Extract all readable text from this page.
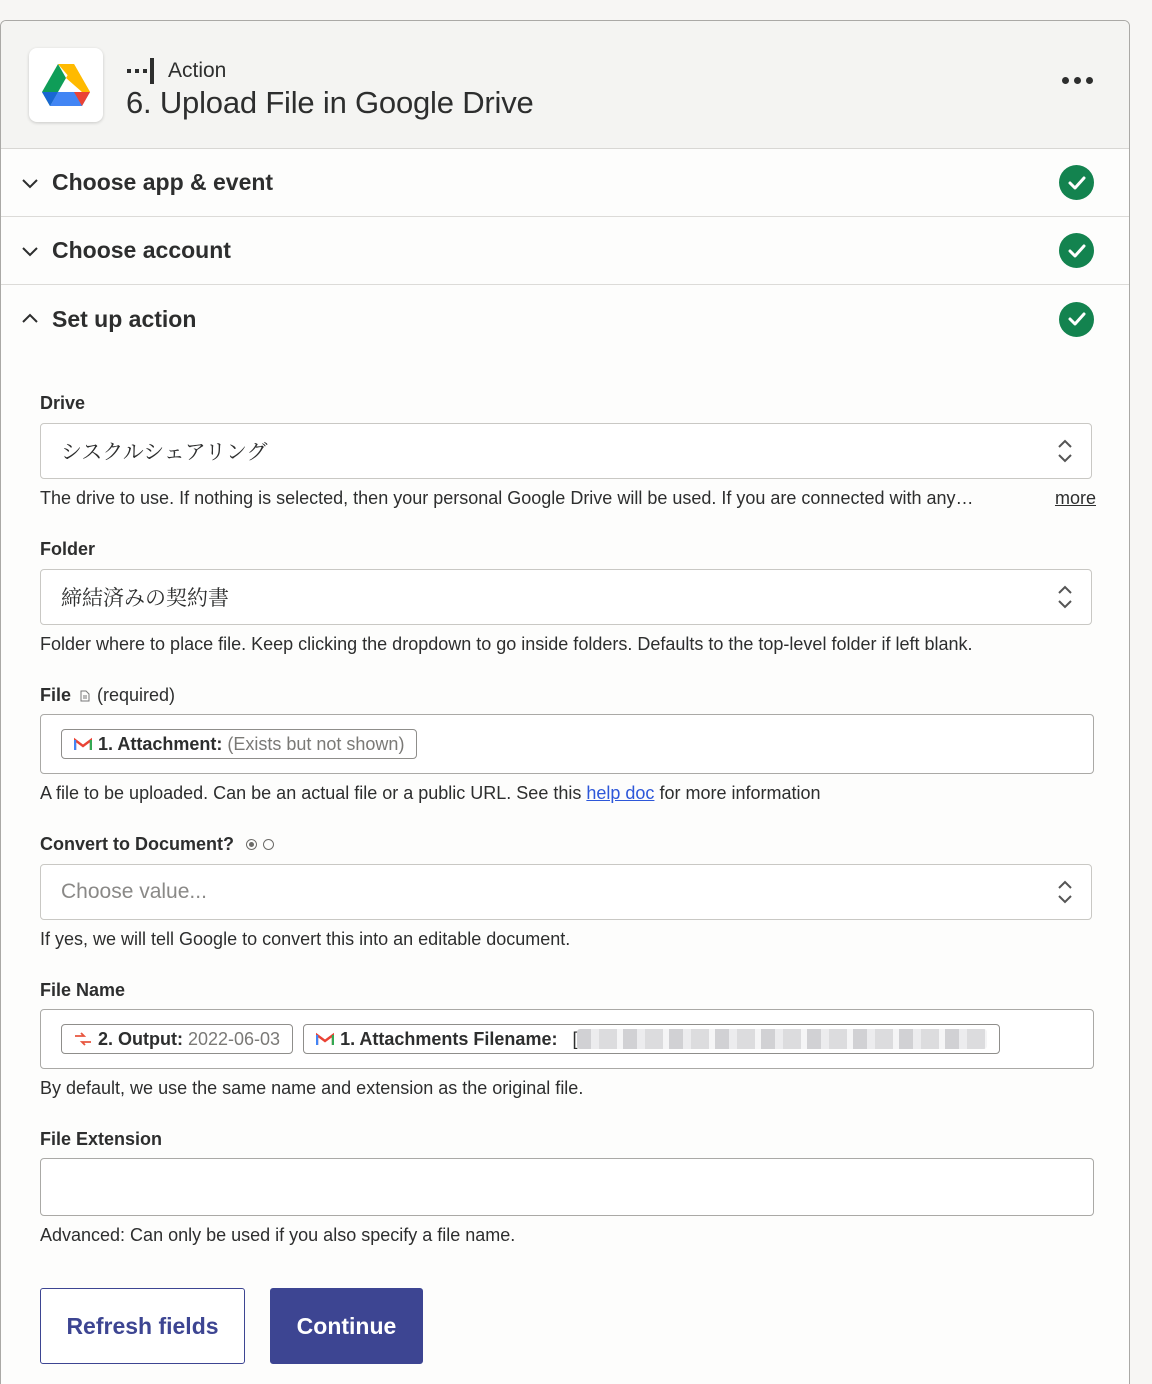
Action
6. Upload File in Google Drive
Choose app & event
Choose account
Set up action
Drive
シスクルシェアリング
The drive to use. If nothing is selected, then your personal Google Drive will be used. If you are connected with any…	more
Folder
締結済みの契約書
Folder where to place file. Keep clicking the dropdown to go inside folders. Defaults to the top-level folder if left blank.
File (required)
1. Attachment: (Exists but not shown)
A file to be uploaded. Can be an actual file or a public URL. See this help doc for more information
Convert to Document?
Choose value...
If yes, we will tell Google to convert this into an editable document.
File Name
2. Output: 2022-06-03	1. Attachments Filename: [
By default, we use the same name and extension as the original file.
File Extension
Advanced: Can only be used if you also specify a file name.
Refresh fields	Continue
